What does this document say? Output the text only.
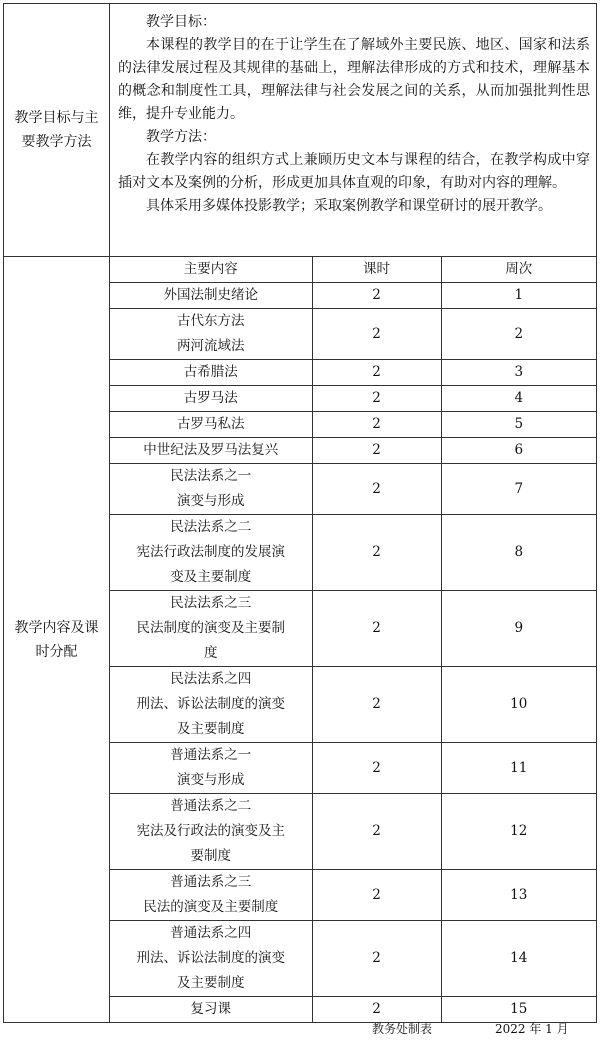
教学目标与主要教学方法	

教学目标：

本课程的教学目的在于让学生在了解域外主要民族、地区、国家和法系的法律发展过程及其规律的基础上，理解法律形成的方式和技术，理解基本的概念和制度性工具，理解法律与社会发展之间的关系，从而加强批判性思维，提升专业能力。

教学方法：

在教学内容的组织方式上兼顾历史文本与课程的结合，在教学构成中穿插对文本及案例的分析，形成更加具体直观的印象，有助对内容的理解。

具体采用多媒体投影教学；采取案例教学和课堂研讨的展开教学。

教学内容及课时分配	
主要内容	课时	周次

外国法制史绪论	2	1

古代东方法
两河流域法
	2	2

古希腊法	2	3

古罗马法	2	4

古罗马私法	2	5

中世纪法及罗马法复兴	2	6

民法法系之一
演变与形成
	2	7

民法法系之二
宪法行政法制度的发展演
变及主要制度
	2	8

民法法系之三
民法制度的演变及主要制
度
	2	9

民法法系之四
刑法、诉讼法制度的演变
及主要制度
	2	10

普通法系之一
演变与形成
	2	11

普通法系之二
宪法及行政法的演变及主
要制度
	2	12

普通法系之三
民法的演变及主要制度
	2	13

普通法系之四
刑法、诉讼法制度的演变
及主要制度
	2	14

复习课	2	15
教务处制表	2022 年 1 月
